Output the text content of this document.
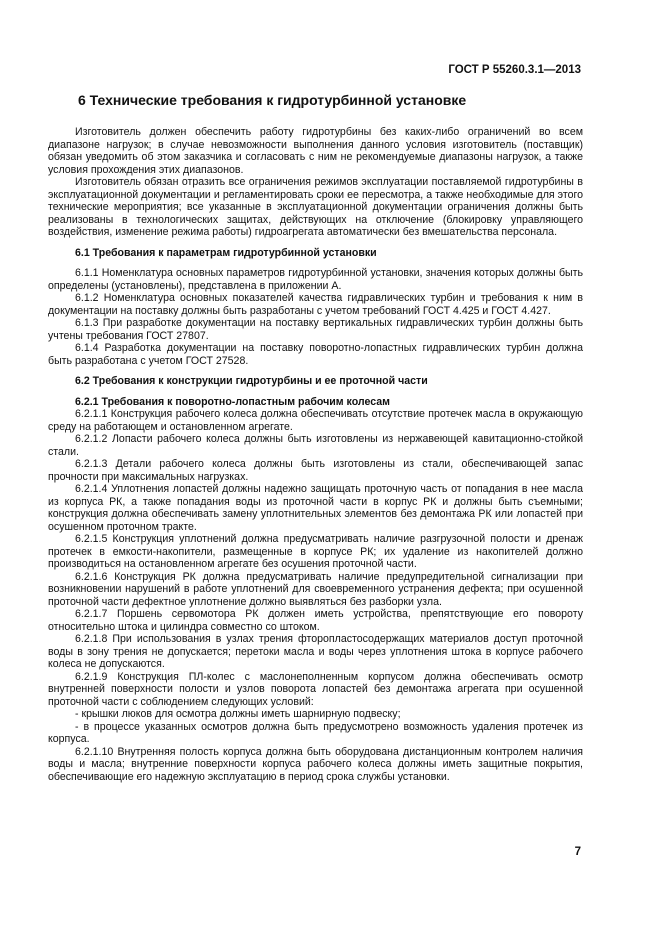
ГОСТ Р 55260.3.1—2013
6 Технические требования к гидротурбинной установке

Изготовитель должен обеспечить работу гидротурбины без каких-либо ограничений во всем диапазоне нагрузок; в случае невозможности выполнения данного условия изготовитель (поставщик) обязан уведомить об этом заказчика и согласовать с ним не рекомендуемые диапазоны нагрузок, а также условия прохождения этих диапазонов.

Изготовитель обязан отразить все ограничения режимов эксплуатации поставляемой гидротурбины в эксплуатационной документации и регламентировать сроки ее пересмотра, а также необходимые для этого технические мероприятия; все указанные в эксплуатационной документации ограничения должны быть реализованы в технологических защитах, действующих на отключение (блокировку управляющего воздействия, изменение режима работы) гидроагрегата автоматически без вмешательства персонала.

6.1 Требования к параметрам гидротурбинной установки

6.1.1 Номенклатура основных параметров гидротурбинной установки, значения которых должны быть определены (установлены), представлена в приложении А.

6.1.2 Номенклатура основных показателей качества гидравлических турбин и требования к ним в документации на поставку должны быть разработаны с учетом требований ГОСТ 4.425 и ГОСТ 4.427.

6.1.3 При разработке документации на поставку вертикальных гидравлических турбин должны быть учтены требования ГОСТ 27807.

6.1.4 Разработка документации на поставку поворотно-лопастных гидравлических турбин должна быть разработана с учетом ГОСТ 27528.

6.2 Требования к конструкции гидротурбины и ее проточной части

6.2.1 Требования к поворотно-лопастным рабочим колесам

6.2.1.1 Конструкция рабочего колеса должна обеспечивать отсутствие протечек масла в окружающую среду на работающем и остановленном агрегате.

6.2.1.2 Лопасти рабочего колеса должны быть изготовлены из нержавеющей кавитационно-стойкой стали.

6.2.1.3 Детали рабочего колеса должны быть изготовлены из стали, обеспечивающей запас прочности при максимальных нагрузках.

6.2.1.4 Уплотнения лопастей должны надежно защищать проточную часть от попадания в нее масла из корпуса РК, а также попадания воды из проточной части в корпус РК и должны быть съемными; конструкция должна обеспечивать замену уплотнительных элементов без демонтажа РК или лопастей при осушенном проточном тракте.

6.2.1.5 Конструкция уплотнений должна предусматривать наличие разгрузочной полости и дренаж протечек в емкости-накопители, размещенные в корпусе РК; их удаление из накопителей должно производиться на остановленном агрегате без осушения проточной части.

6.2.1.6 Конструкция РК должна предусматривать наличие предупредительной сигнализации при возникновении нарушений в работе уплотнений для своевременного устранения дефекта; при осушенной проточной части дефектное уплотнение должно выявляться без разборки узла.

6.2.1.7 Поршень сервомотора РК должен иметь устройства, препятствующие его повороту относительно штока и цилиндра совместно со штоком.

6.2.1.8 При использования в узлах трения фторопластосодержащих материалов доступ проточной воды в зону трения не допускается; перетоки масла и воды через уплотнения штока в корпусе рабочего колеса не допускаются.

6.2.1.9 Конструкция ПЛ-колес с маслонеполненным корпусом должна обеспечивать осмотр внутренней поверхности полости и узлов поворота лопастей без демонтажа агрегата при осушенной проточной части с соблюдением следующих условий:

- крышки люков для осмотра должны иметь шарнирную подвеску;

- в процессе указанных осмотров должна быть предусмотрено возможность удаления протечек из корпуса.

6.2.1.10 Внутренняя полость корпуса должна быть оборудована дистанционным контролем наличия воды и масла; внутренние поверхности корпуса рабочего колеса должны иметь защитные покрытия, обеспечивающие его надежную эксплуатацию в период срока службы установки.

7
